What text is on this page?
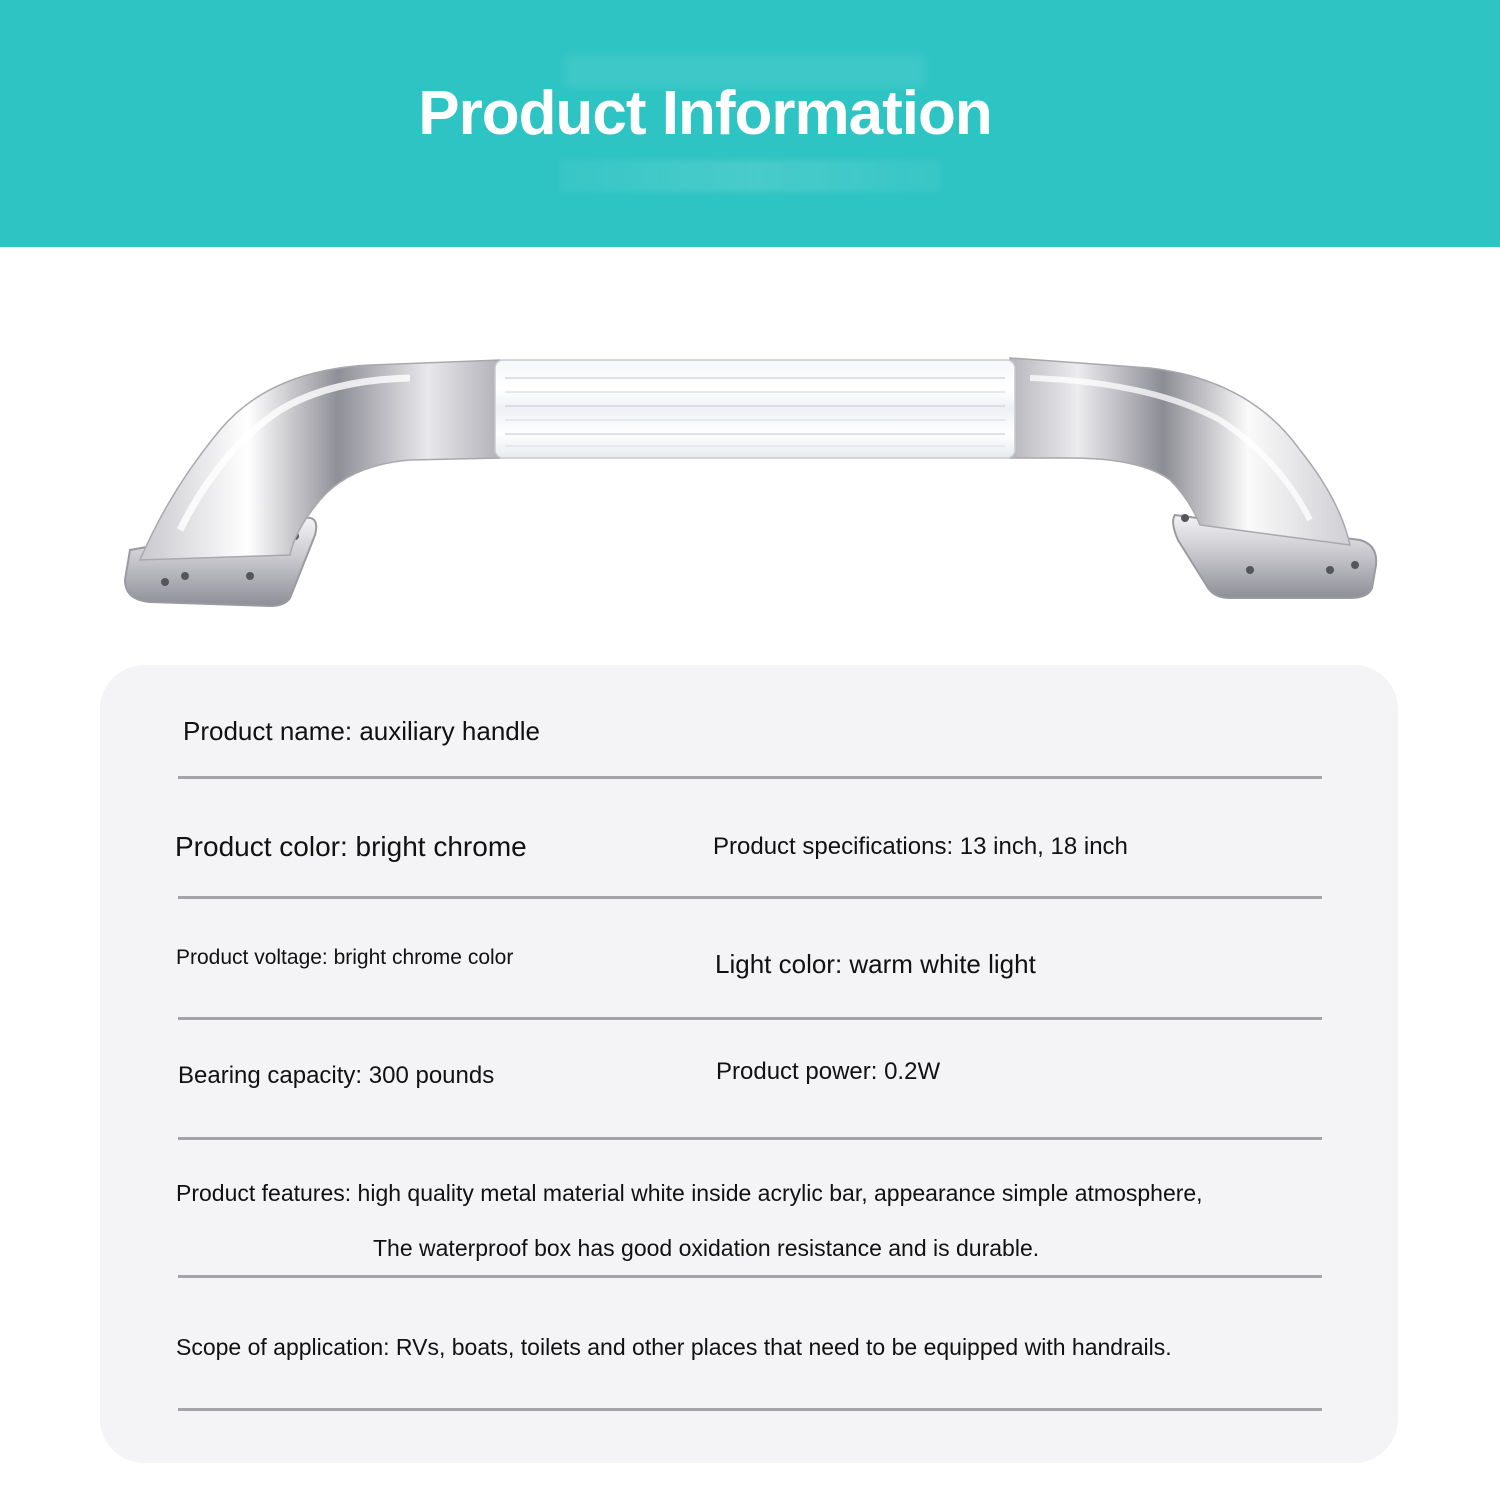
Product Information
Product name: auxiliary handle
Product color: bright chrome	Product specifications: 13 inch, 18 inch
Product voltage: bright chrome color	Light color: warm white light
Bearing capacity: 300 pounds	Product power: 0.2W
Product features: high quality metal material white inside acrylic bar, appearance simple atmosphere,
The waterproof box has good oxidation resistance and is durable.
Scope of application: RVs, boats, toilets and other places that need to be equipped with handrails.
